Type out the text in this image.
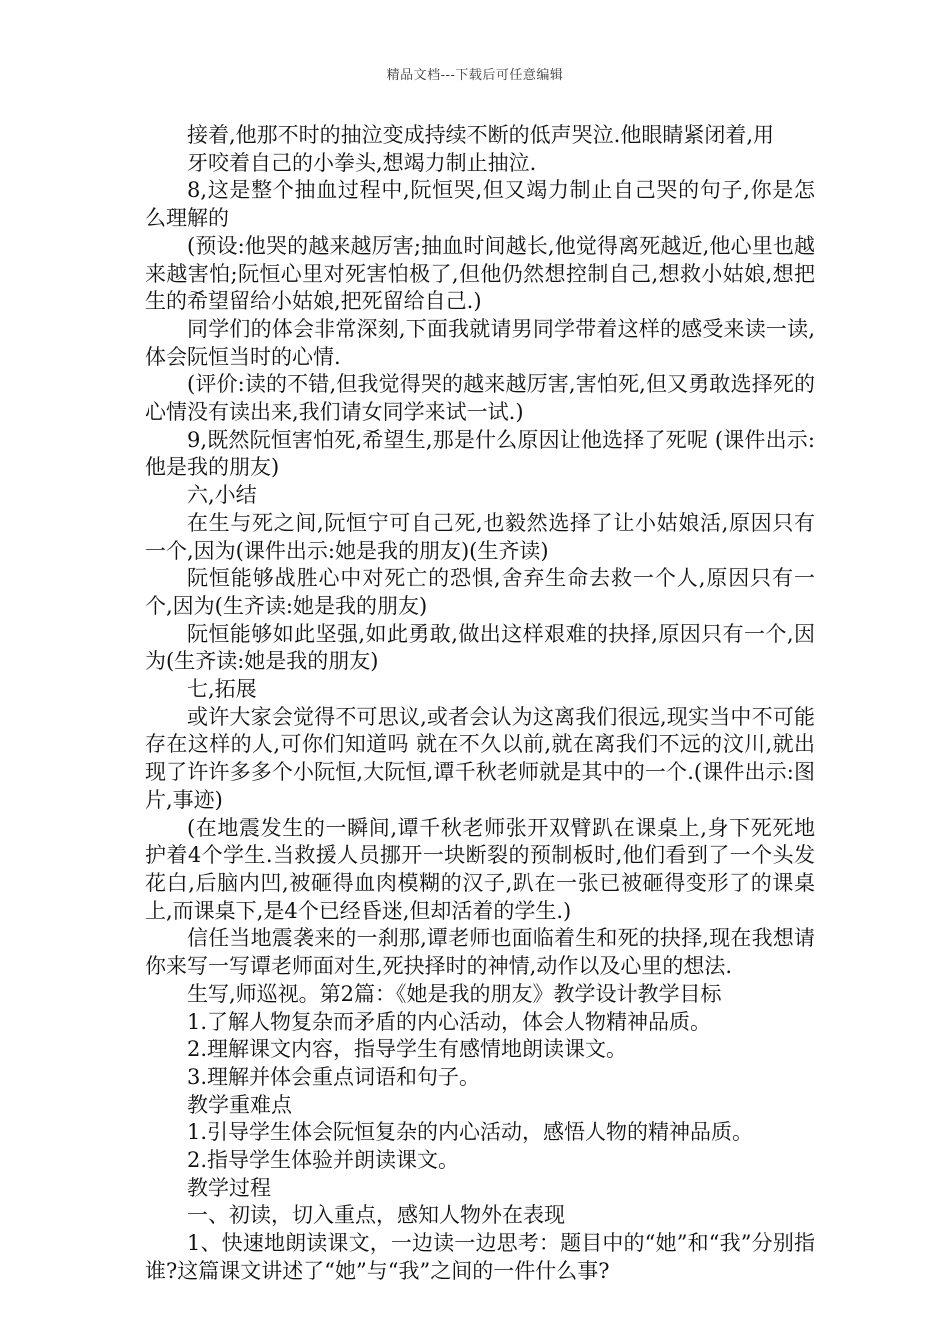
精品文档---下载后可任意编辑

接着,他那不时的抽泣变成持续不断的低声哭泣.他眼睛紧闭着,用

牙咬着自己的小拳头,想竭力制止抽泣.

8,这是整个抽血过程中,阮恒哭,但又竭力制止自己哭的句子,你是怎么理解的

(预设:他哭的越来越厉害;抽血时间越长,他觉得离死越近,他心里也越来越害怕;阮恒心里对死害怕极了,但他仍然想控制自己,想救小姑娘,想把生的希望留给小姑娘,把死留给自己.)

同学们的体会非常深刻,下面我就请男同学带着这样的感受来读一读,体会阮恒当时的心情.

(评价:读的不错,但我觉得哭的越来越厉害,害怕死,但又勇敢选择死的心情没有读出来,我们请女同学来试一试.)

9,既然阮恒害怕死,希望生,那是什么原因让他选择了死呢 (课件出示:他是我的朋友)

六,小结

在生与死之间,阮恒宁可自己死,也毅然选择了让小姑娘活,原因只有一个,因为(课件出示:她是我的朋友)(生齐读)

阮恒能够战胜心中对死亡的恐惧,舍弃生命去救一个人,原因只有一个,因为(生齐读:她是我的朋友)

阮恒能够如此坚强,如此勇敢,做出这样艰难的抉择,原因只有一个,因为(生齐读:她是我的朋友)

七,拓展

或许大家会觉得不可思议,或者会认为这离我们很远,现实当中不可能存在这样的人,可你们知道吗 就在不久以前,就在离我们不远的汶川,就出现了许许多多个小阮恒,大阮恒,谭千秋老师就是其中的一个.(课件出示:图片,事迹)

(在地震发生的一瞬间,谭千秋老师张开双臂趴在课桌上,身下死死地护着4个学生.当救援人员挪开一块断裂的预制板时,他们看到了一个头发花白,后脑内凹,被砸得血肉模糊的汉子,趴在一张已被砸得变形了的课桌上,而课桌下,是4个已经昏迷,但却活着的学生.)

信任当地震袭来的一刹那,谭老师也面临着生和死的抉择,现在我想请你来写一写谭老师面对生,死抉择时的神情,动作以及心里的想法.

生写,师巡视。第2篇：《她是我的朋友》教学设计教学目标

1.了解人物复杂而矛盾的内心活动，体会人物精神品质。

2.理解课文内容，指导学生有感情地朗读课文。

3.理解并体会重点词语和句子。

教学重难点

1.引导学生体会阮恒复杂的内心活动，感悟人物的精神品质。

2.指导学生体验并朗读课文。

教学过程

一、初读，切入重点，感知人物外在表现

1、快速地朗读课文，一边读一边思考：题目中的“她”和“我”分别指谁?这篇课文讲述了“她”与“我”之间的一件什么事?
